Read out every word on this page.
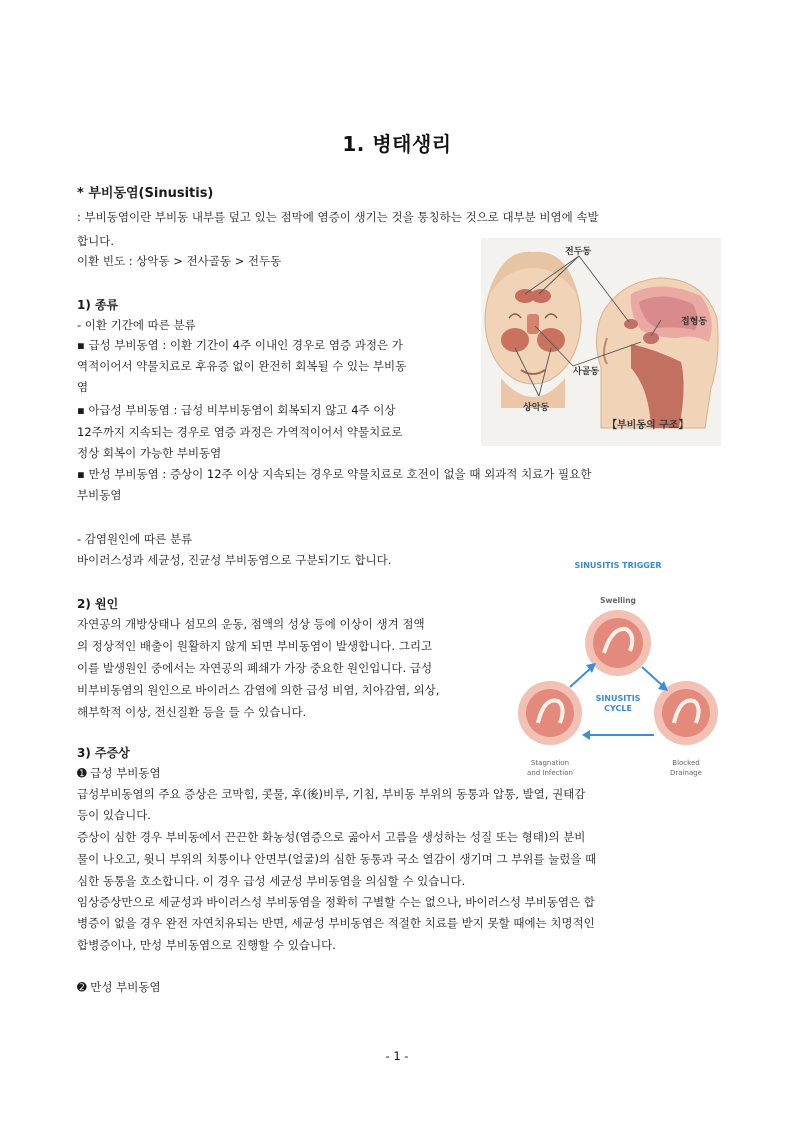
1. 병태생리
* 부비동염(Sinusitis)
: 부비동염이란 부비동 내부를 덮고 있는 점막에 염증이 생기는 것을 통칭하는 것으로 대부분 비염에 속발
합니다.
이환 빈도 : 상악동 > 전사골동 > 전두동
1) 종류
- 이환 기간에 따른 분류
▪ 급성 부비동염 : 이환 기간이 4주 이내인 경우로 염증 과정은 가
역적이어서 약물치료로 후유증 없이 완전히 회복될 수 있는 부비동
염
▪ 아급성 부비동염 : 급성 비부비동염이 회복되지 않고 4주 이상
12주까지 지속되는 경우로 염증 과정은 가역적이어서 약물치료로
정상 회복이 가능한 부비동염
▪ 만성 부비동염 : 증상이 12주 이상 지속되는 경우로 약물치료로 호전이 없을 때 외과적 치료가 필요한
부비동염
- 감염원인에 따른 분류
바이러스성과 세균성, 진균성 부비동염으로 구분되기도 합니다.
2) 원인
자연공의 개방상태나 섬모의 운동, 점액의 성상 등에 이상이 생겨 점액
의 정상적인 배출이 원활하지 않게 되면 부비동염이 발생합니다. 그리고
이를 발생원인 중에서는 자연공의 폐쇄가 가장 중요한 원인입니다. 급성
비부비동염의 원인으로 바이러스 감염에 의한 급성 비염, 치아감염, 외상,
해부학적 이상, 전신질환 등을 들 수 있습니다.
3) 주증상
➊ 급성 부비동염
급성부비동염의 주요 증상은 코막힘, 콧물, 후(後)비루, 기침, 부비동 부위의 동통과 압통, 발열, 권태감
등이 있습니다.
증상이 심한 경우 부비동에서 끈끈한 화농성(염증으로 곪아서 고름을 생성하는 성질 또는 형태)의 분비
물이 나오고, 윗니 부위의 치통이나 안면부(얼굴)의 심한 동통과 국소 열감이 생기며 그 부위를 눌렀을 때
심한 동통을 호소합니다. 이 경우 급성 세균성 부비동염을 의심할 수 있습니다.
임상증상만으로 세균성과 바이러스성 부비동염을 정확히 구별할 수는 없으나, 바이러스성 부비동염은 합
병증이 없을 경우 완전 자연치유되는 반면, 세균성 부비동염은 적절한 치료를 받지 못할 때에는 치명적인
합병증이나, 만성 부비동염으로 진행할 수 있습니다.
➋ 만성 부비동염
전두동
접형동
사골동
상악동
【부비동의 구조】
SINUSITIS TRIGGER
Swelling
SINUSITIS
CYCLE
Stagnation
and Infection
Blocked
Drainage
- 1 -
